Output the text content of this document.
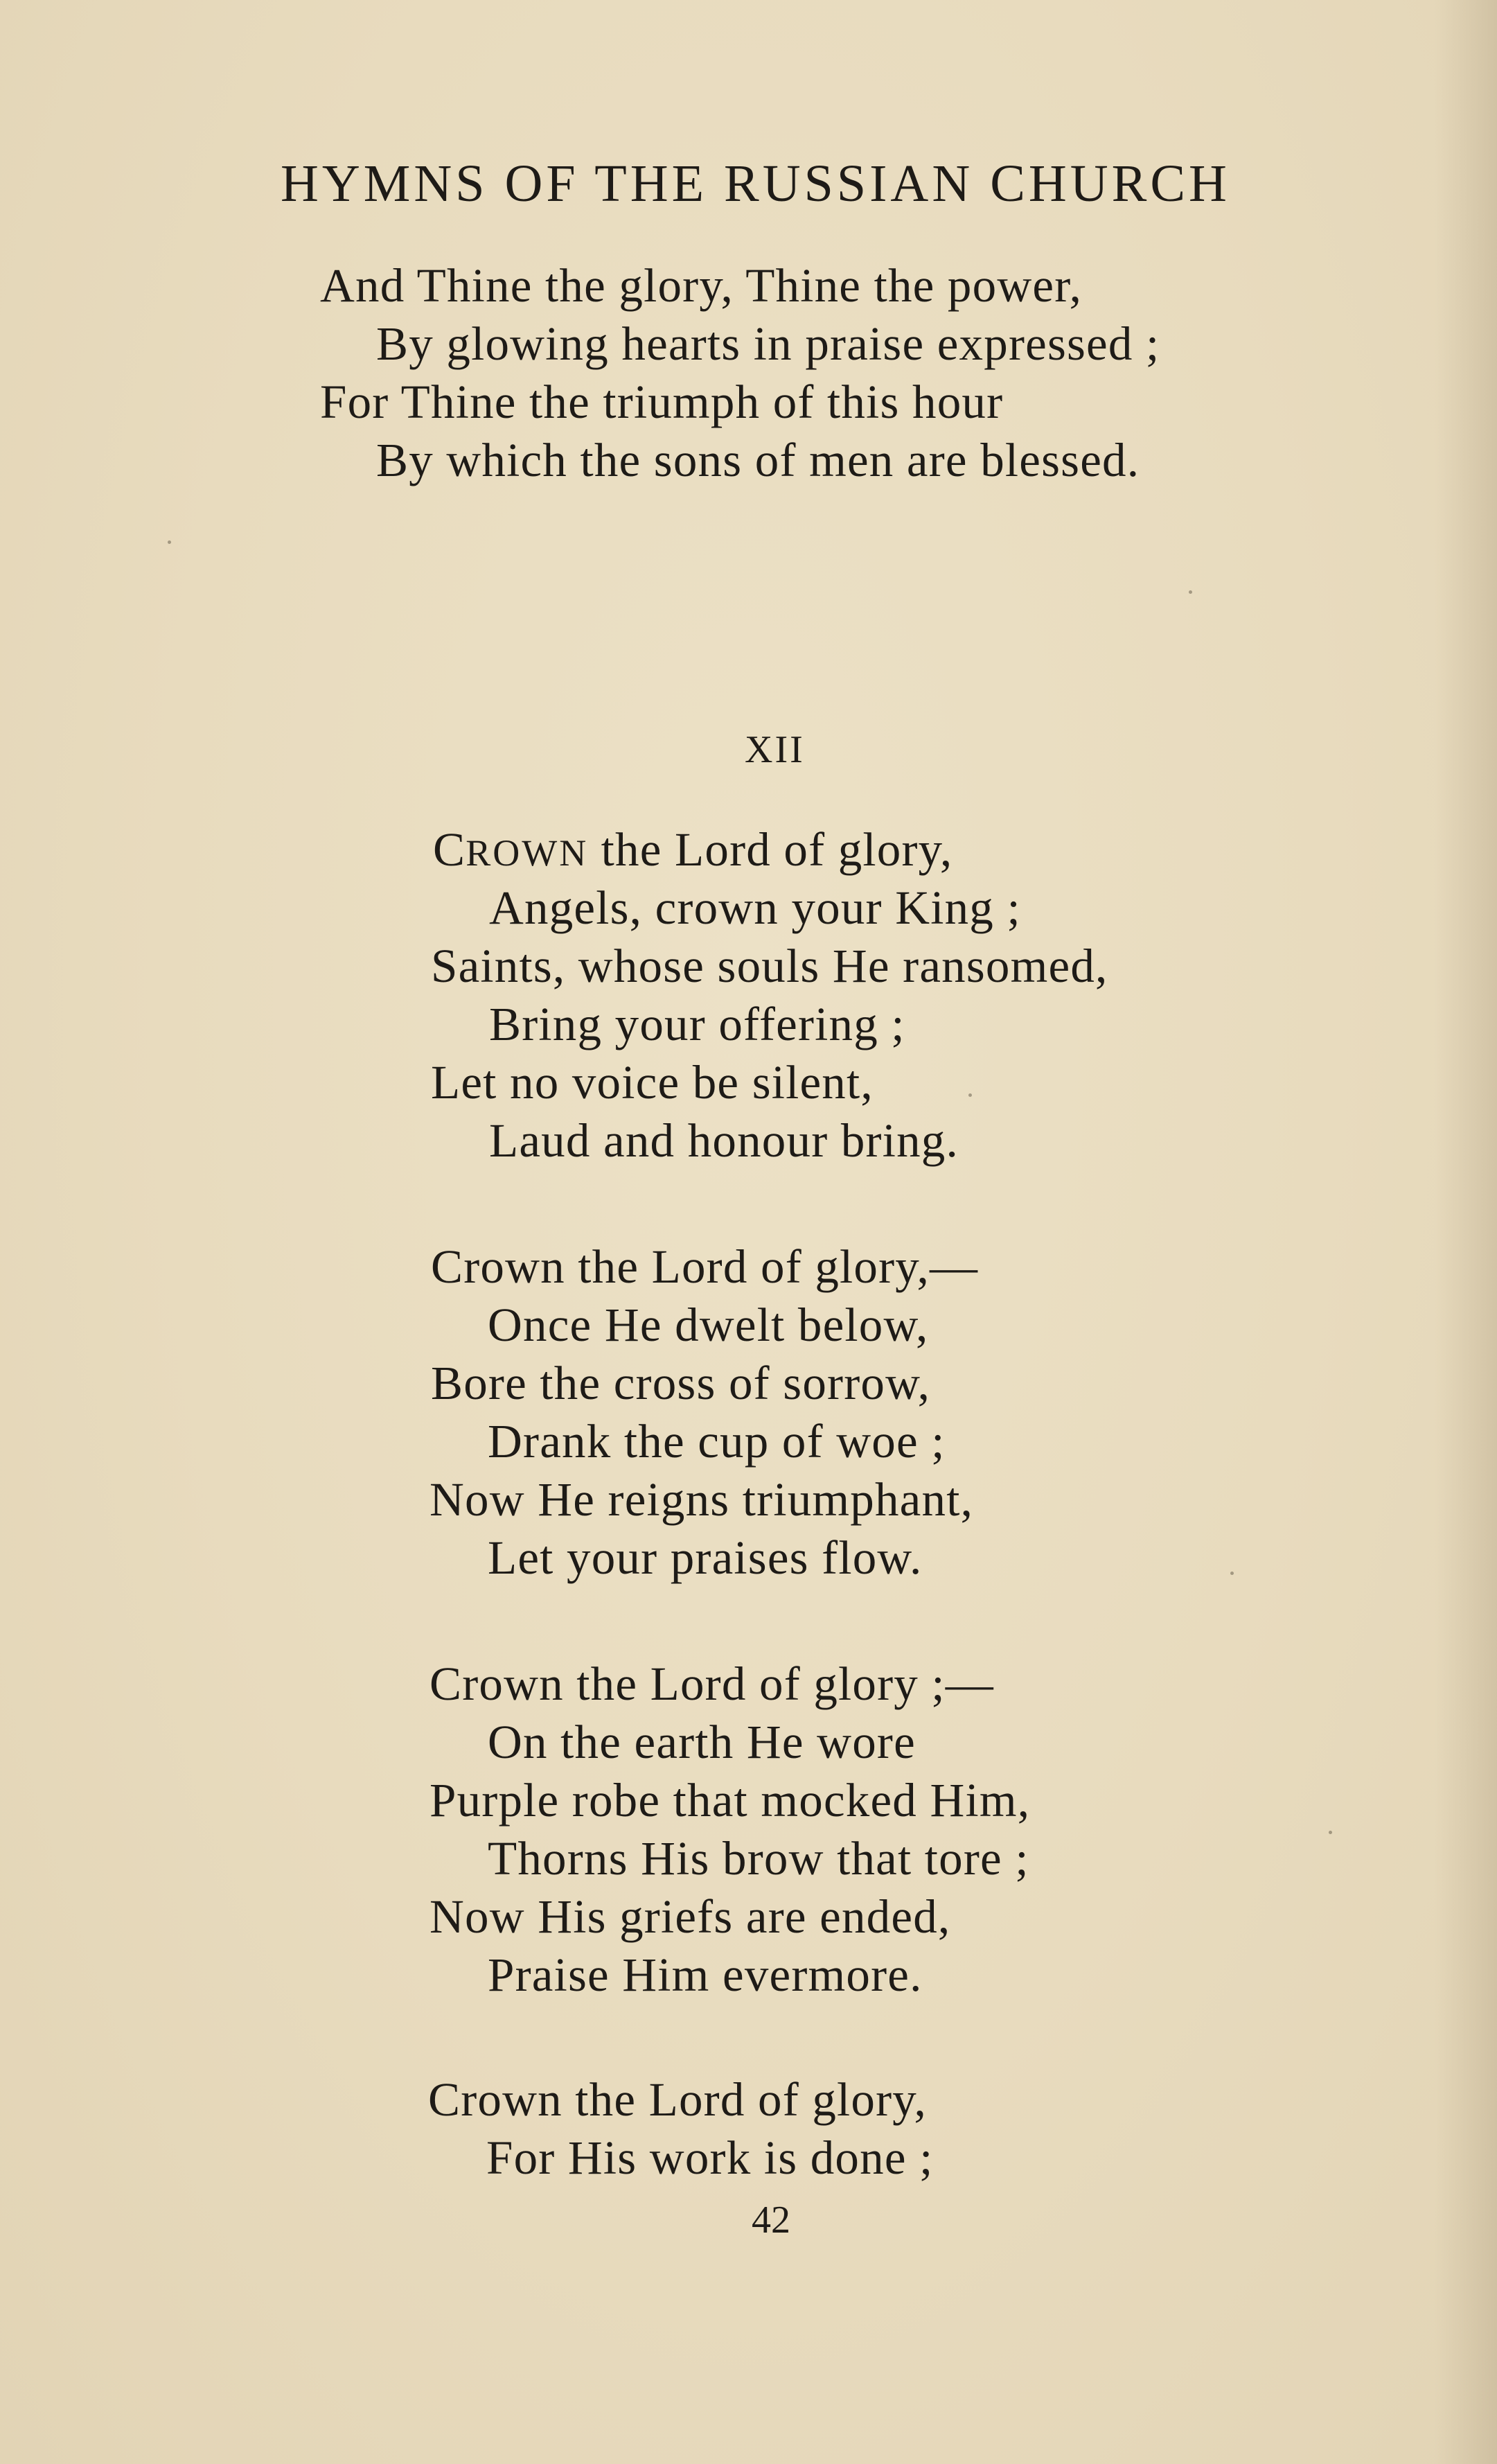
HYMNS OF THE RUSSIAN CHURCH
And Thine the glory, Thine the power,
By glowing hearts in praise expressed ;
For Thine the triumph of this hour
By which the sons of men are blessed.
XII
CROWN the Lord of glory,
Angels, crown your King ;
Saints, whose souls He ransomed,
Bring your offering ;
Let no voice be silent,
Laud and honour bring.
Crown the Lord of glory,—
Once He dwelt below,
Bore the cross of sorrow,
Drank the cup of woe ;
Now He reigns triumphant,
Let your praises flow.
Crown the Lord of glory ;—
On the earth He wore
Purple robe that mocked Him,
Thorns His brow that tore ;
Now His griefs are ended,
Praise Him evermore.
Crown the Lord of glory,
For His work is done ;
42
